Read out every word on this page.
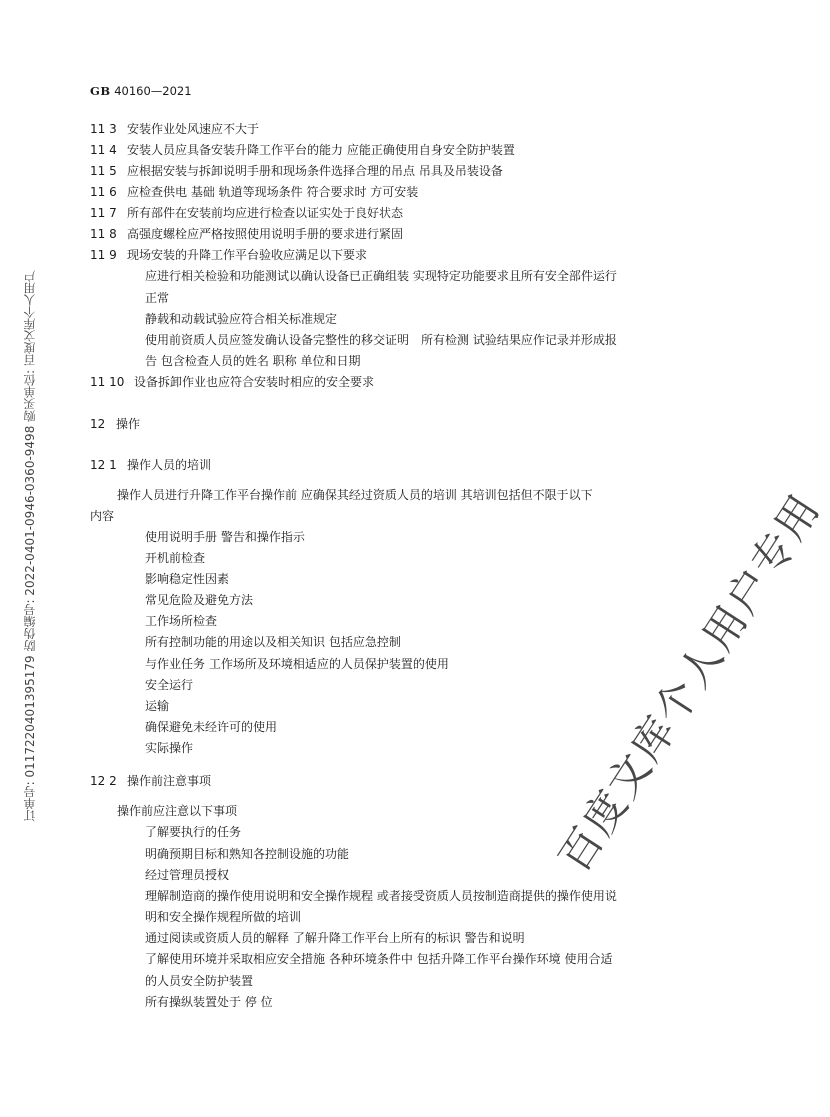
GB 40160—2021
订单号: 0117220401395179 防伪编号: 2022-0401-0946-0360-9498 购买单位: 百度文库个人用户	百度文库个人用户专用
11 3 安装作业处风速应不大于
11 4 安装人员应具备安装升降工作平台的能力 应能正确使用自身安全防护装置
11 5 应根据安装与拆卸说明手册和现场条件选择合理的吊点 吊具及吊装设备
11 6 应检查供电 基础 轨道等现场条件 符合要求时 方可安装
11 7 所有部件在安装前均应进行检查以证实处于良好状态
11 8 高强度螺栓应严格按照使用说明手册的要求进行紧固
11 9 现场安装的升降工作平台验收应满足以下要求
应进行相关检验和功能测试以确认设备已正确组装 实现特定功能要求且所有安全部件运行
正常
静载和动载试验应符合相关标准规定
使用前资质人员应签发确认设备完整性的移交证明　所有检测 试验结果应作记录并形成报
告 包含检查人员的姓名 职称 单位和日期
11 10 设备拆卸作业也应符合安装时相应的安全要求
12 操作
12 1 操作人员的培训
操作人员进行升降工作平台操作前 应确保其经过资质人员的培训 其培训包括但不限于以下
内容
使用说明手册 警告和操作指示
开机前检查
影响稳定性因素
常见危险及避免方法
工作场所检查
所有控制功能的用途以及相关知识 包括应急控制
与作业任务 工作场所及环境相适应的人员保护装置的使用
安全运行
运输
确保避免未经许可的使用
实际操作
12 2 操作前注意事项
操作前应注意以下事项
了解要执行的任务
明确预期目标和熟知各控制设施的功能
经过管理员授权
理解制造商的操作使用说明和安全操作规程 或者接受资质人员按制造商提供的操作使用说
明和安全操作规程所做的培训
通过阅读或资质人员的解释 了解升降工作平台上所有的标识 警告和说明
了解使用环境并采取相应安全措施 各种环境条件中 包括升降工作平台操作环境 使用合适
的人员安全防护装置
所有操纵装置处于 停 位
